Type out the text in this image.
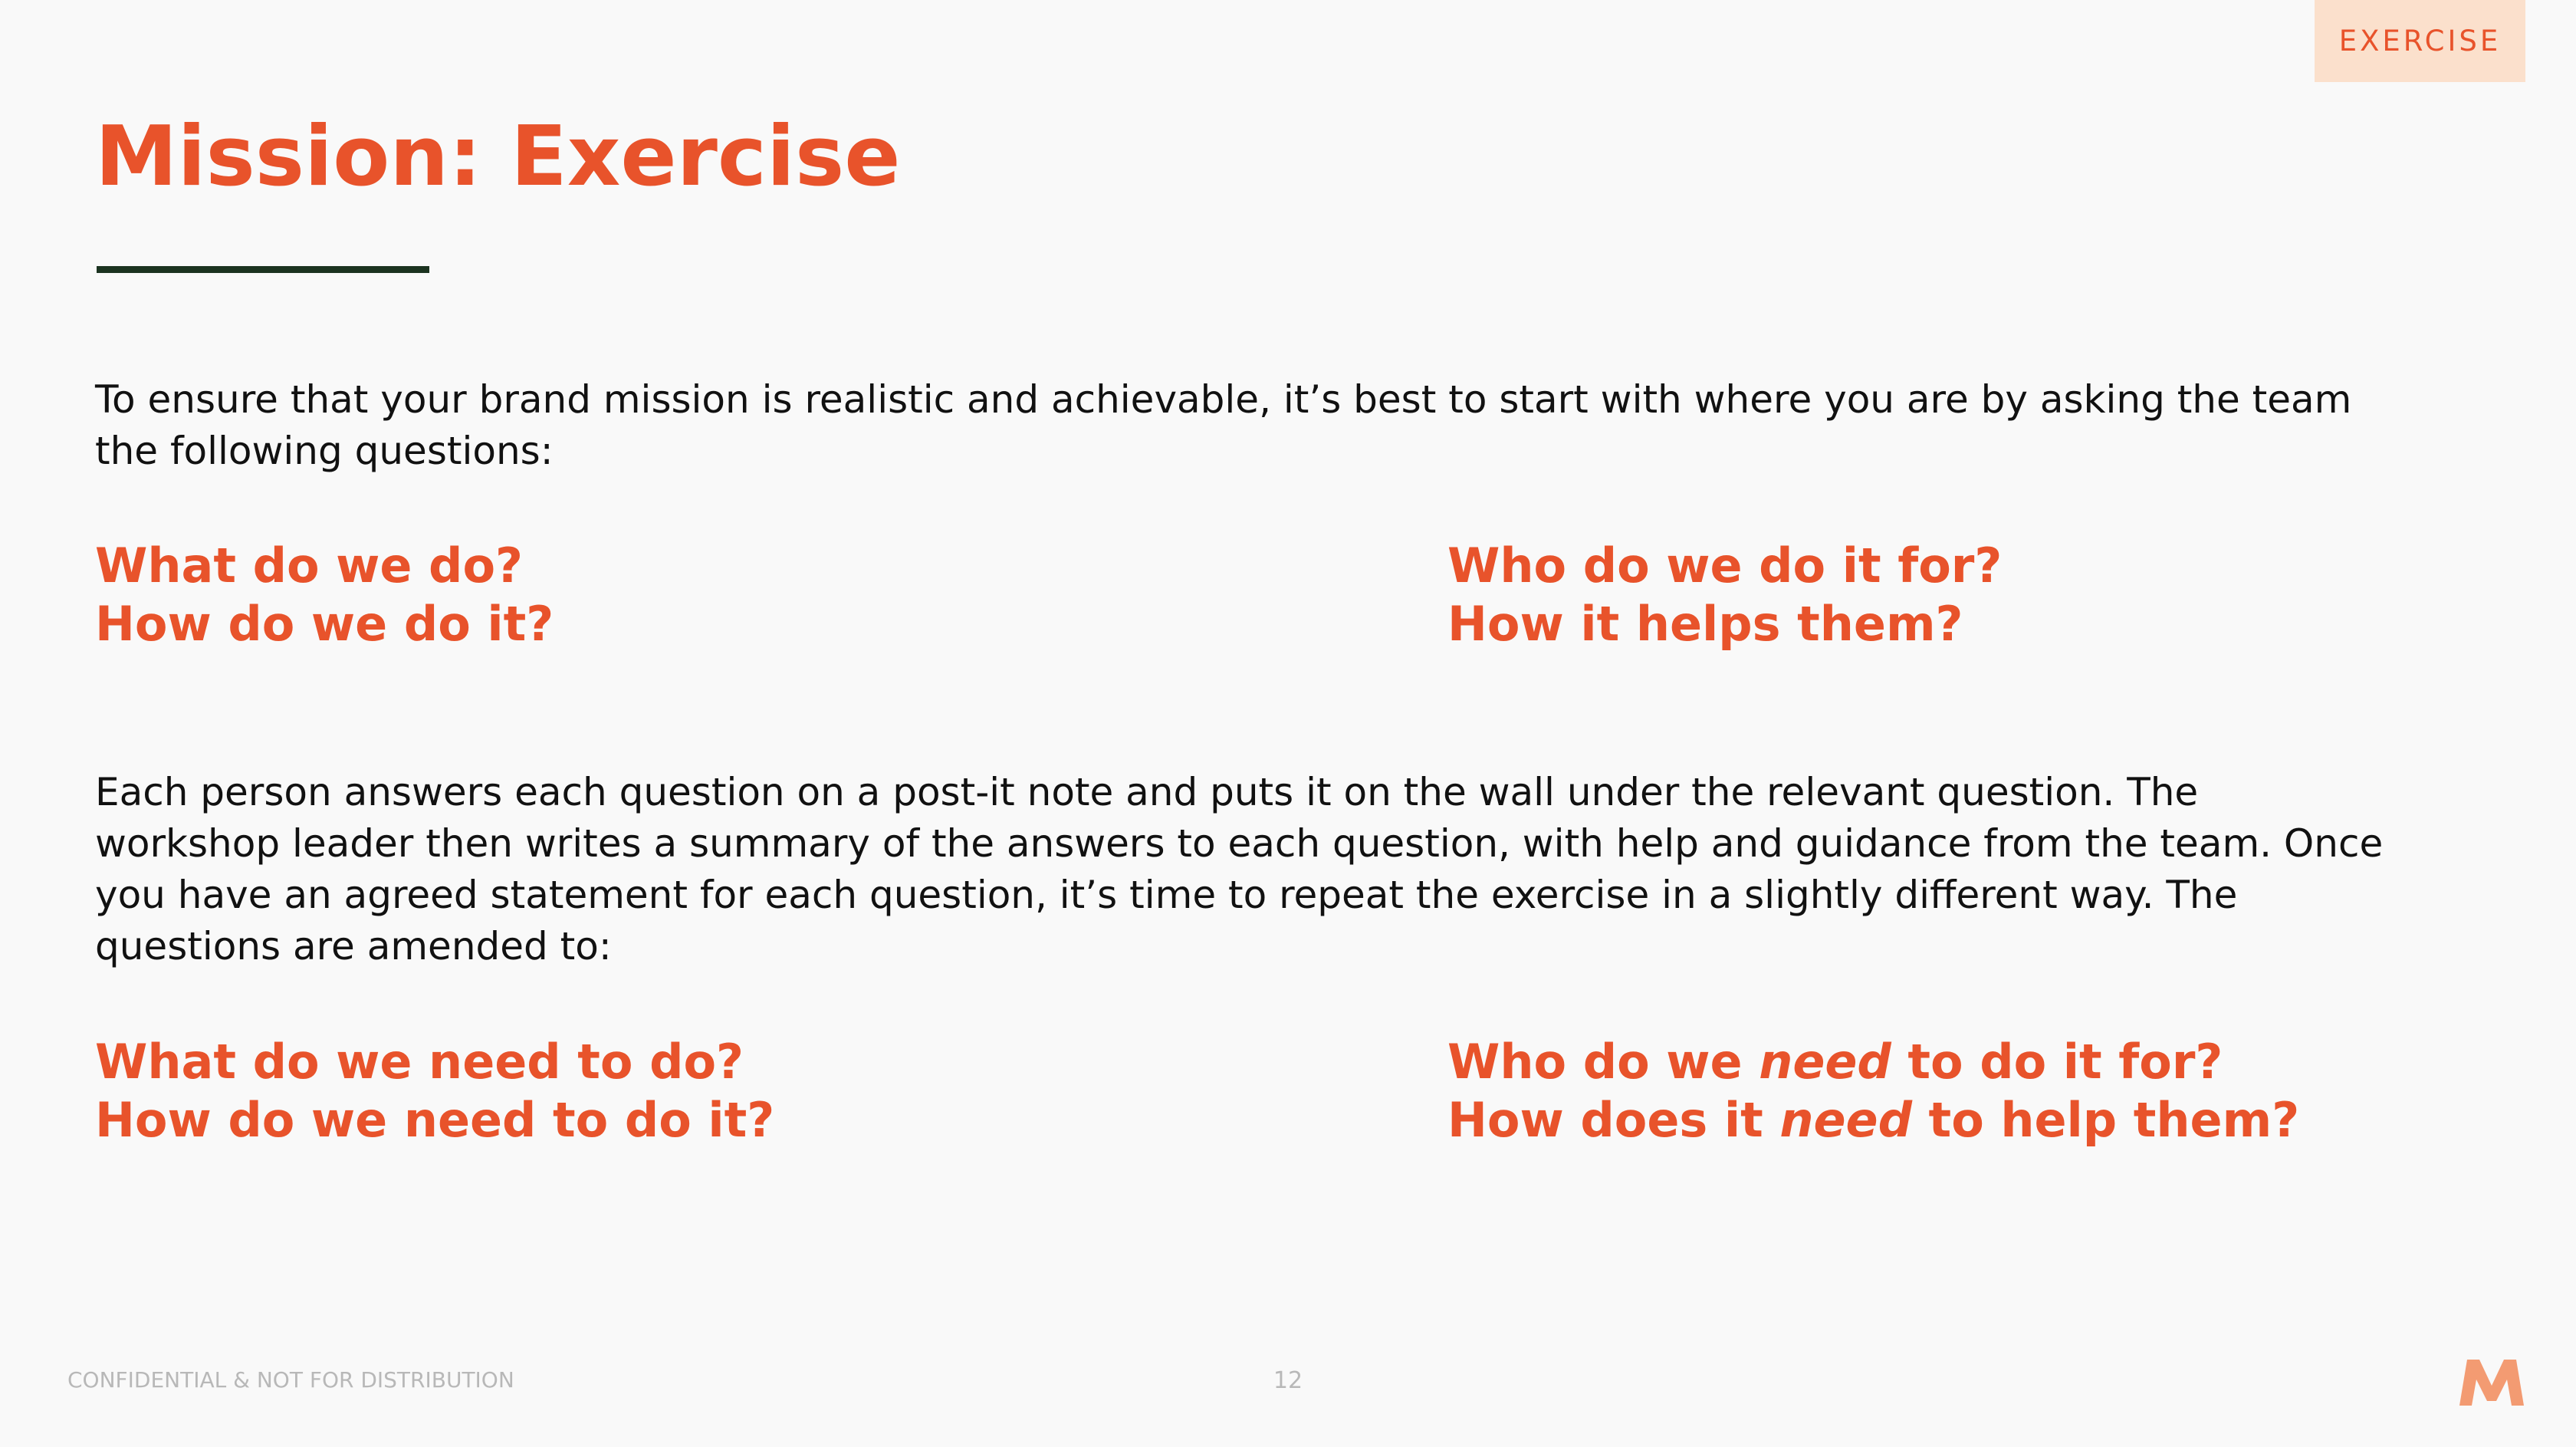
EXERCISE
Mission: Exercise

To ensure that your brand mission is realistic and achievable, it’s best to start with where you are by asking the team the following questions:

What do we do?
How do we do it?
Who do we do it for?
How it helps them?

Each person answers each question on a post-it note and puts it on the wall under the relevant question. The workshop leader then writes a summary of the answers to each question, with help and guidance from the team. Once you have an agreed statement for each question, it’s time to repeat the exercise in a slightly different way. The questions are amended to:

What do we need to do?
How do we need to do it?
Who do we need to do it for?
How does it need to help them?
CONFIDENTIAL & NOT FOR DISTRIBUTION	12
